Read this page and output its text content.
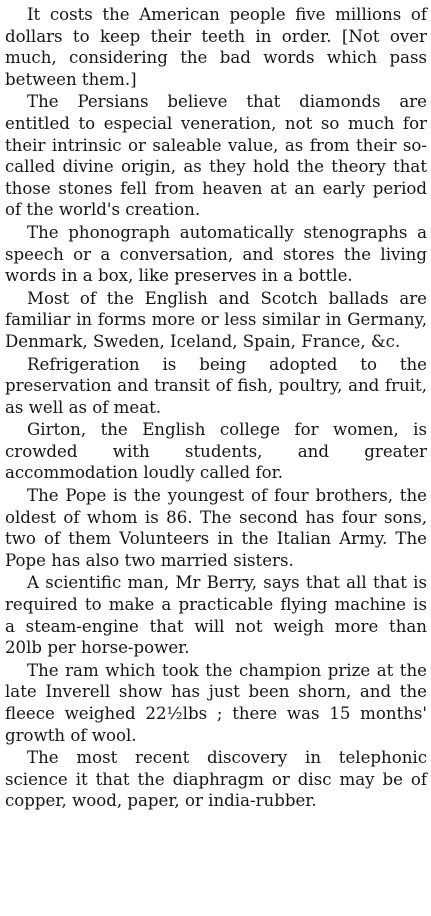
It costs the American people five millions of dollars to keep their teeth in order. [Not over much, considering the bad words which pass between them.]

The Persians believe that diamonds are entitled to especial veneration, not so much for their intrinsic or saleable value, as from their so-called divine origin, as they hold the theory that those stones fell from heaven at an early period of the world's creation.

The phonograph automatically stenographs a speech or a conversation, and stores the living words in a box, like preserves in a bottle.

Most of the English and Scotch ballads are familiar in forms more or less similar in Germany, Denmark, Sweden, Iceland, Spain, France, &c.

Refrigeration is being adopted to the preservation and transit of fish, poultry, and fruit, as well as of meat.

Girton, the English college for women, is crowded with students, and greater accommodation loudly called for.

The Pope is the youngest of four brothers, the oldest of whom is 86. The second has four sons, two of them Volunteers in the Italian Army. The Pope has also two married sisters.

A scientific man, Mr Berry, says that all that is required to make a practicable flying machine is a steam-engine that will not weigh more than 20lb per horse-power.

The ram which took the champion prize at the late Inverell show has just been shorn, and the fleece weighed 22½lbs ; there was 15 months' growth of wool.

The most recent discovery in telephonic science it that the diaphragm or disc may be of copper, wood, paper, or india-rubber.
